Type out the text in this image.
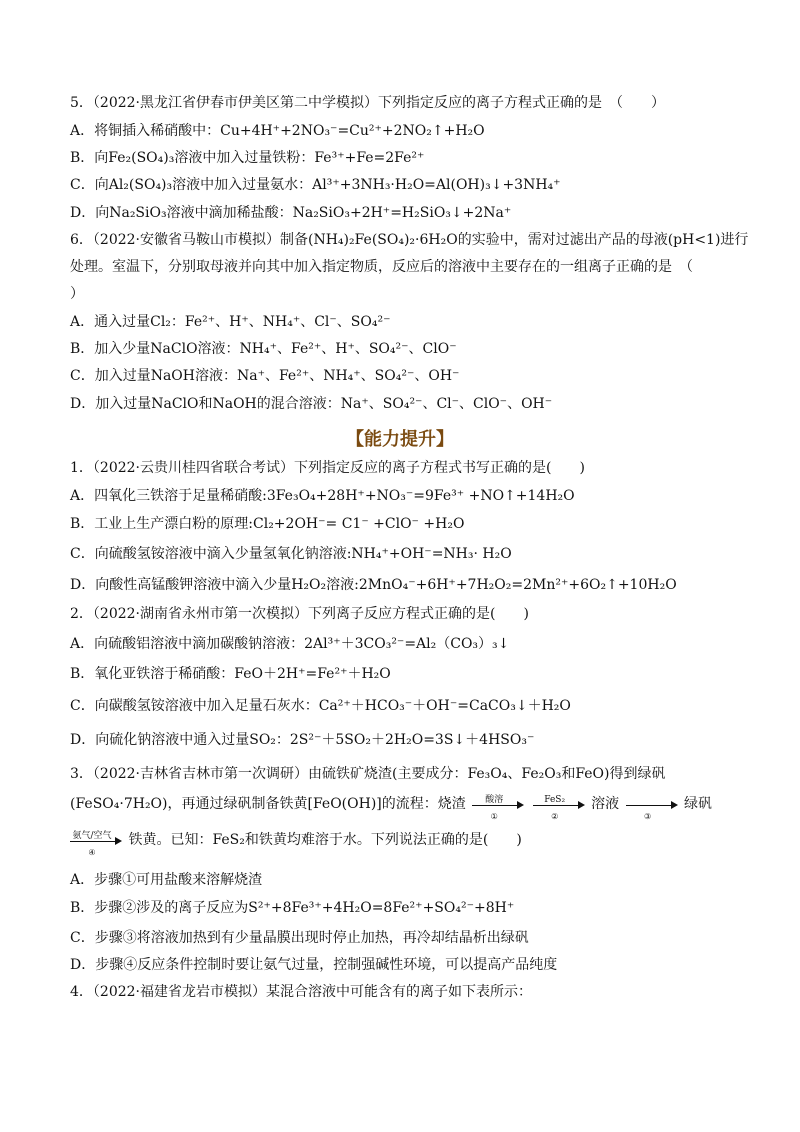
5．（2022·黑龙江省伊春市伊美区第二中学模拟）下列指定反应的离子方程式正确的是　（　　）
A．将铜插入稀硝酸中：Cu+4H⁺+2NO₃⁻=Cu²⁺+2NO₂↑+H₂O
B．向Fe₂(SO₄)₃溶液中加入过量铁粉：Fe³⁺+Fe=2Fe²⁺
C．向Al₂(SO₄)₃溶液中加入过量氨水：Al³⁺+3NH₃·H₂O=Al(OH)₃↓+3NH₄⁺
D．向Na₂SiO₃溶液中滴加稀盐酸：Na₂SiO₃+2H⁺=H₂SiO₃↓+2Na⁺
6．（2022·安徽省马鞍山市模拟）制备(NH₄)₂Fe(SO₄)₂·6H₂O的实验中，需对过滤出产品的母液(pH<1)进行
处理。室温下，分别取母液并向其中加入指定物质，反应后的溶液中主要存在的一组离子正确的是　（
）
A．通入过量Cl₂：Fe²⁺、H⁺、NH₄⁺、Cl⁻、SO₄²⁻
B．加入少量NaClO溶液：NH₄⁺、Fe²⁺、H⁺、SO₄²⁻、ClO⁻
C．加入过量NaOH溶液：Na⁺、Fe²⁺、NH₄⁺、SO₄²⁻、OH⁻
D．加入过量NaClO和NaOH的混合溶液：Na⁺、SO₄²⁻、Cl⁻、ClO⁻、OH⁻
【能力提升】
1．（2022·云贵川桂四省联合考试）下列指定反应的离子方程式书写正确的是(　　)
A．四氧化三铁溶于足量稀硝酸:3Fe₃O₄+28H⁺+NO₃⁻=9Fe³⁺ +NO↑+14H₂O
B．工业上生产漂白粉的原理:Cl₂+2OH⁻= C1⁻ +ClO⁻ +H₂O
C．向硫酸氢铵溶液中滴入少量氢氧化钠溶液:NH₄⁺+OH⁻=NH₃· H₂O
D．向酸性高锰酸钾溶液中滴入少量H₂O₂溶液:2MnO₄⁻+6H⁺+7H₂O₂=2Mn²⁺+6O₂↑+10H₂O
2．（2022·湖南省永州市第一次模拟）下列离子反应方程式正确的是(　　)
A．向硫酸铝溶液中滴加碳酸钠溶液：2Al³⁺＋3CO₃²⁻=Al₂（CO₃）₃↓
B．氧化亚铁溶于稀硝酸：FeO＋2H⁺=Fe²⁺＋H₂O
C．向碳酸氢铵溶液中加入足量石灰水：Ca²⁺＋HCO₃⁻＋OH⁻=CaCO₃↓＋H₂O
D．向硫化钠溶液中通入过量SO₂：2S²⁻＋5SO₂＋2H₂O=3S↓＋4HSO₃⁻
3．（2022·吉林省吉林市第一次调研）由硫铁矿烧渣(主要成分：Fe₃O₄、Fe₂O₃和FeO)得到绿矾
(FeSO₄·7H₂O)，再通过绿矾制备铁黄[FeO(OH)]的流程：烧渣	酸溶
①

FeS₂
②
溶液
③
绿矾
氨气/空气
④
铁黄。已知：FeS₂和铁黄均难溶于水。下列说法正确的是(　　)
A．步骤①可用盐酸来溶解烧渣
B．步骤②涉及的离子反应为S²⁺+8Fe³⁺+4H₂O=8Fe²⁺+SO₄²⁻+8H⁺
C．步骤③将溶液加热到有少量晶膜出现时停止加热，再冷却结晶析出绿矾
D．步骤④反应条件控制时要让氨气过量，控制强碱性环境，可以提高产品纯度
4．（2022·福建省龙岩市模拟）某混合溶液中可能含有的离子如下表所示：
